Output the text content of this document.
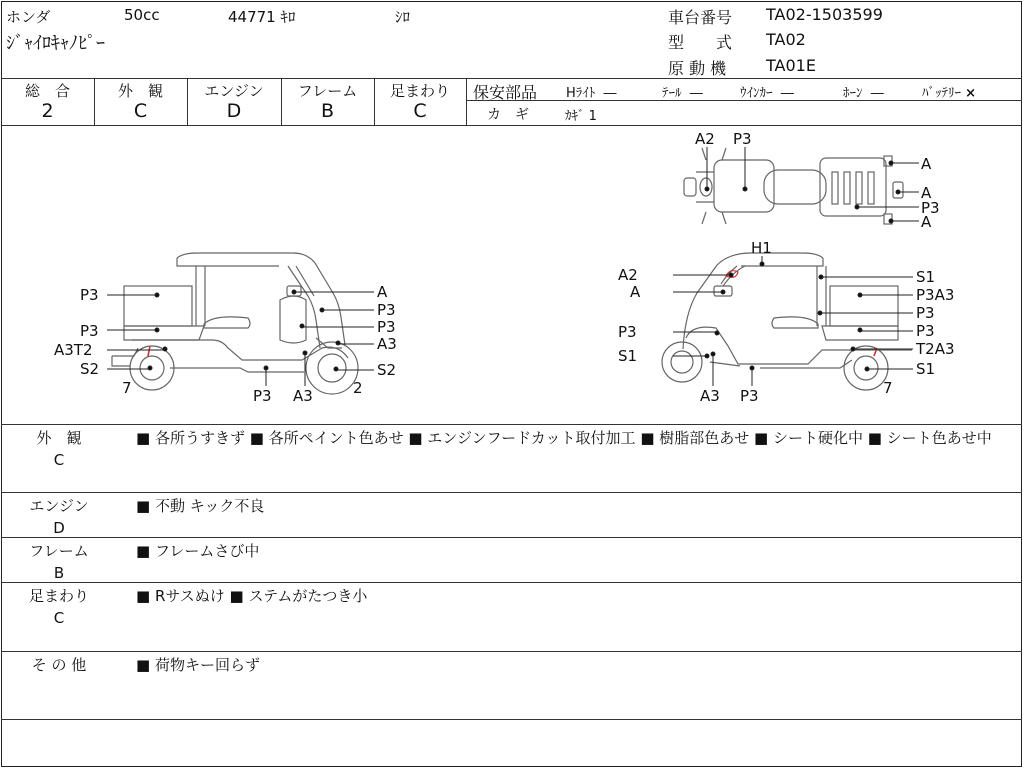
ホンダ	50cc	44771 ｷﾛ	ｼﾛ
ｼﾞｬｲﾛｷｬﾉﾋﾟｰ
車台番号 TA02-1503599
型　　式 TA02
原 動 機 TA01E
総　合
2
外　観
C
エンジン
D
フレーム
B
足まわり
C
保安部品 Hﾗｲﾄ ―	ﾃｰﾙ ―	ｳｲﾝｶｰ ―	ﾎｰﾝ ―	ﾊﾞｯﾃﾘｰ ×
カ　ギ	ｶｷﾞ 1
A2 P3
A
A
P3
A
P3
P3
A3T2
S2
7
A
P3
P3
A3
S2
P3 A3	2
H1
A2
A
P3
S1
S1
P3A3
P3
P3
T2A3
S1
A3 P3	7
外　観
C
■ 各所うすきず ■ 各所ペイント色あせ ■ エンジンフードカット取付加工 ■ 樹脂部色あせ ■ シート硬化中 ■ シート色あせ中
エンジン
D
■ 不動 キック不良
フレーム
B
■ フレームさび中
足まわり
C
■ Rサスぬけ ■ ステムがたつき小
そ の 他	■ 荷物キー回らず
